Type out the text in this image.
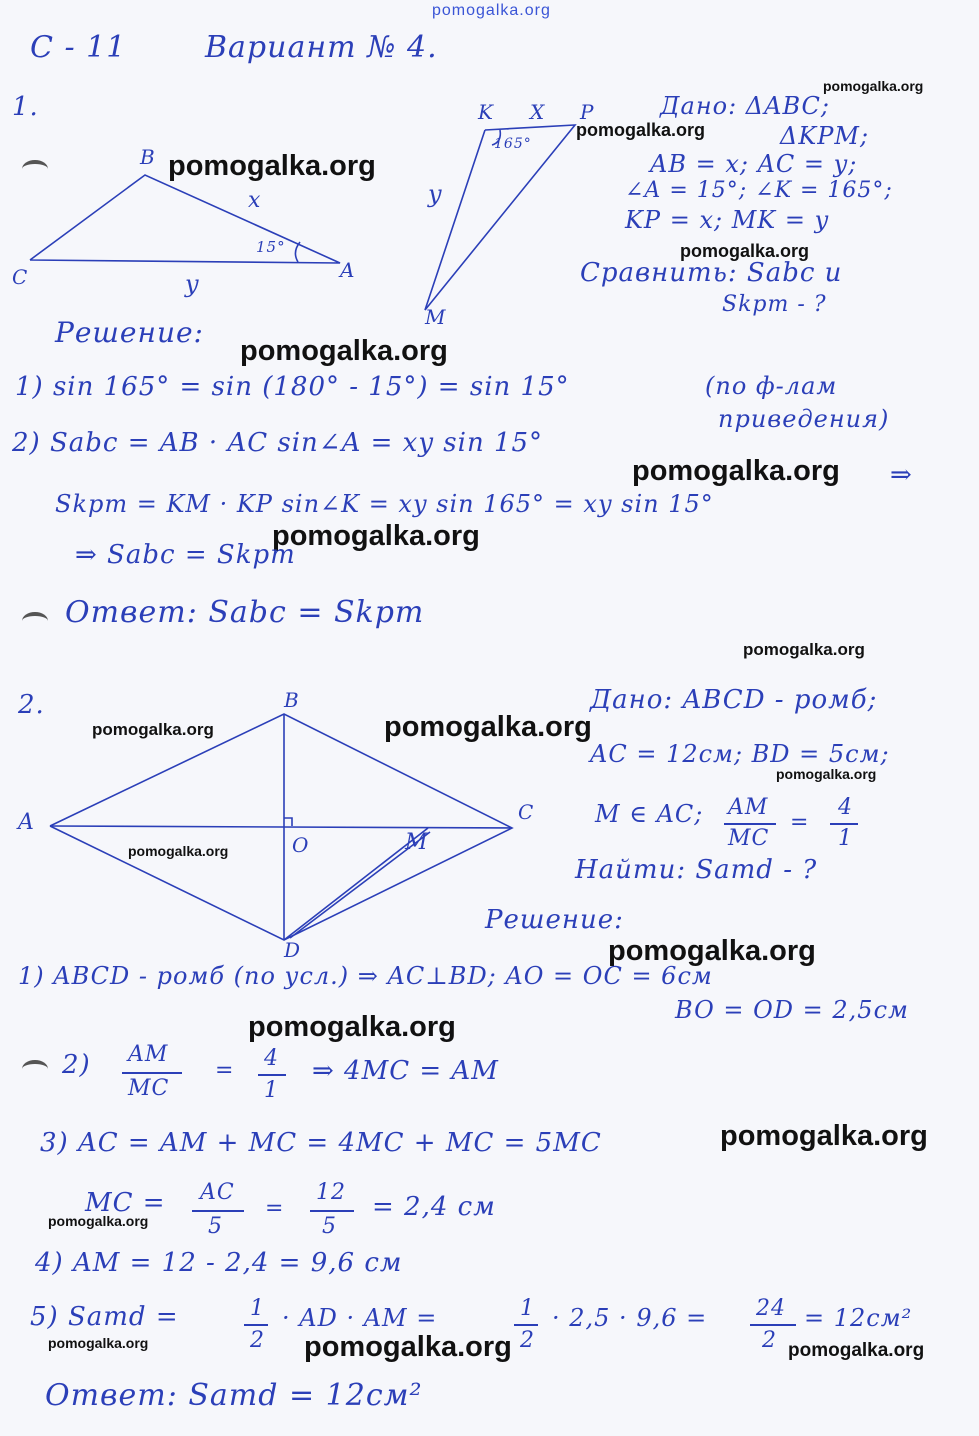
pomogalka.org
pomogalka.org
pomogalka.org
pomogalka.org
pomogalka.org
pomogalka.org
pomogalka.org
pomogalka.org
pomogalka.org
pomogalka.org	pomogalka.org
pomogalka.org
pomogalka.org
pomogalka.org
pomogalka.org
pomogalka.org
pomogalka.org
pomogalka.org	pomogalka.org	pomogalka.org
С - 11	Вариант № 4.
1.
B
C	A
x
y
15°
K X P
M
y
165°
Дано: ΔABC;
ΔKPM;
AB = x; AC = y;
∠A = 15°; ∠K = 165°;
KP = x; MK = y
Сравнить: Sabc и
Skpm - ?
Решение:
1) sin 165° = sin (180° - 15°) = sin 15°	(по ф-лам
приведения)
2) Sabc = AB · AC sin∠A = xy sin 15°
Skpm = KM · KP sin∠K = xy sin 165° = xy sin 15°
⇒ Sabc = Skpm
⇒
Ответ: Sabc = Skpm
2.	B
A	C
D
O	M
Дано: ABCD - ромб;
AC = 12см; BD = 5см;
M ∈ AC; AM
MC
=
4
1
Найти: Samd - ?
Решение:
1) ABCD - ромб (по усл.) ⇒ AC⊥BD; AO = OC = 6см
BO = OD = 2,5см
2) AM
MC
= 4
1
⇒ 4MC = AM
3) AC = AM + MC = 4MC + MC = 5MC
MC = AC
5
=
12
5
= 2,4 см
4) AM = 12 - 2,4 = 9,6 см
5) Samd =	1
2
· AD · AM =	1
2
· 2,5 · 9,6 = 24
2
= 12см²
Ответ: Samd = 12см²
